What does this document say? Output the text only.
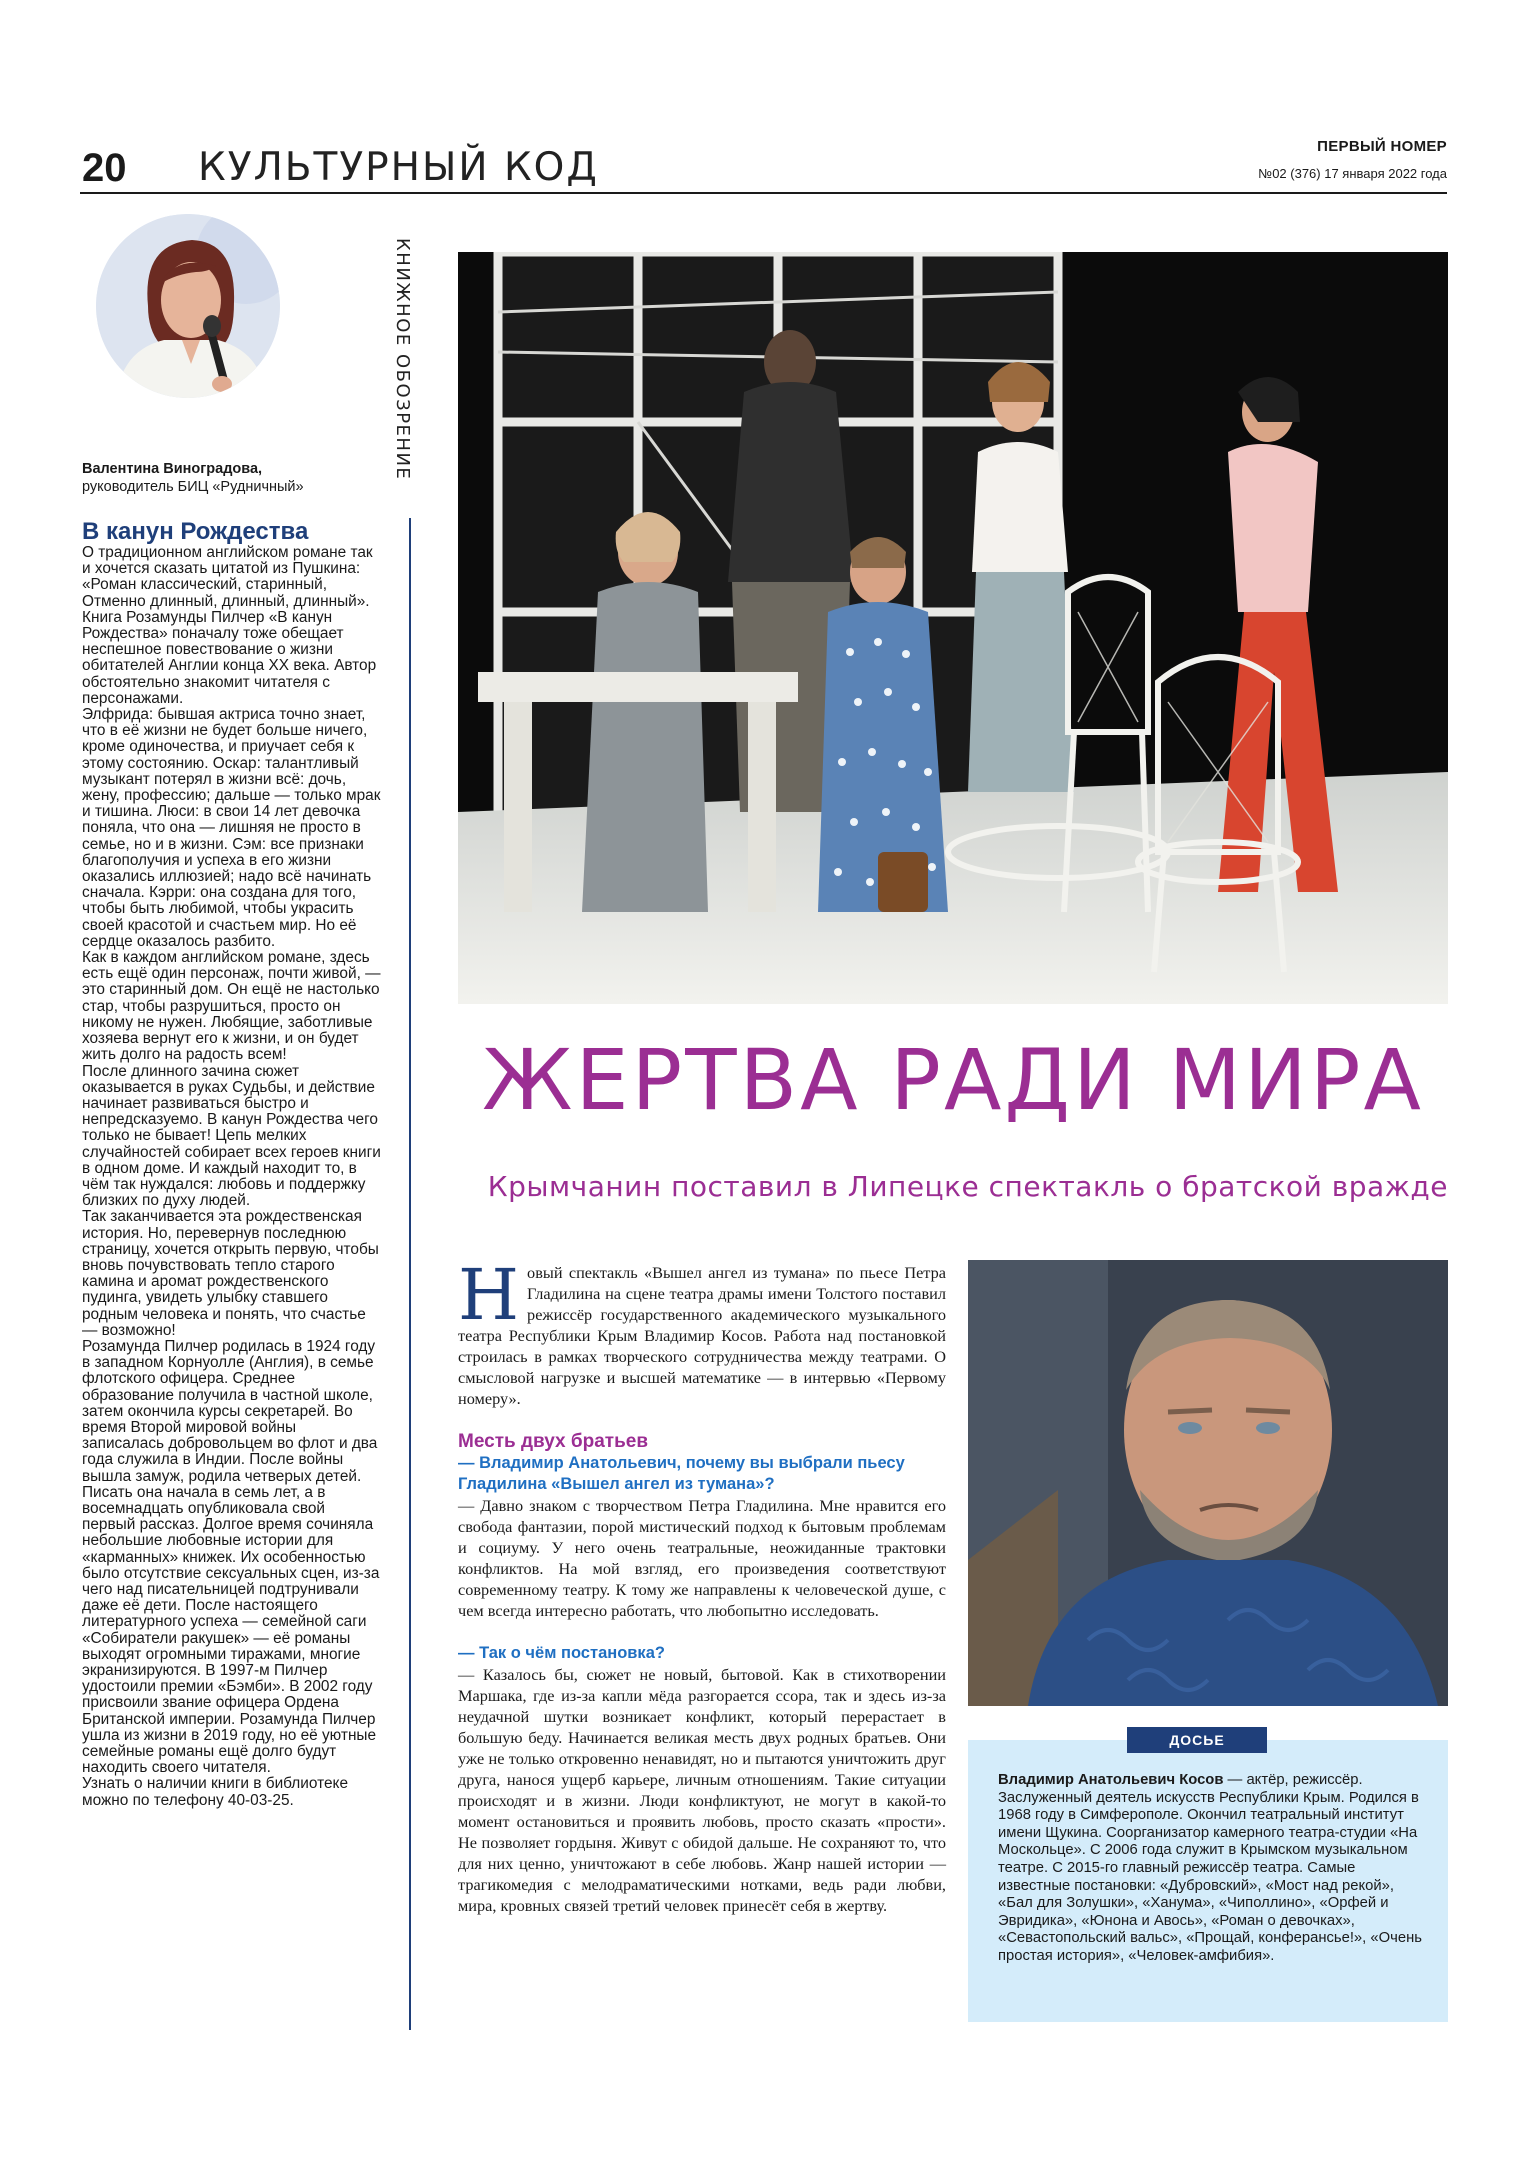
20 КУЛЬТУРНЫЙ КОД	ПЕРВЫЙ НОМЕР
№02 (376) 17 января 2022 года
Валентина Виноградова,
руководитель БИЦ «Рудничный»
КНИЖНОЕ ОБОЗРЕНИЕ
В канун Рождества

О традиционном английском романе так и хочется сказать цитатой из Пушкина: «Роман классический, старинный, Отменно длинный, длинный, длинный».

Книга Розамунды Пилчер «В канун Рождества» поначалу тоже обещает неспешное повествование о жизни обитателей Англии конца XX века. Автор обстоятельно знакомит читателя с персонажами.

Элфрида: бывшая актриса точно знает, что в её жизни не будет больше ничего, кроме одиночества, и приучает себя к этому состоянию. Оскар: талантливый музыкант потерял в жизни всё: дочь, жену, профессию; дальше — только мрак и тишина. Люси: в свои 14 лет девочка поняла, что она — лишняя не просто в семье, но и в жизни. Сэм: все признаки благополучия и успеха в его жизни оказались иллюзией; надо всё начинать сначала. Кэрри: она создана для того, чтобы быть любимой, чтобы украсить своей красотой и счастьем мир. Но её сердце оказалось разбито.

Как в каждом английском романе, здесь есть ещё один персонаж, почти живой, — это старинный дом. Он ещё не настолько стар, чтобы разрушиться, просто он никому не нужен. Любящие, заботливые хозяева вернут его к жизни, и он будет жить долго на радость всем!

После длинного зачина сюжет оказывается в руках Судьбы, и действие начинает развиваться быстро и непредсказуемо. В канун Рождества чего только не бывает! Цепь мелких случайностей собирает всех героев книги в одном доме. И каждый находит то, в чём так нуждался: любовь и поддержку близких по духу людей.

Так заканчивается эта рождественская история. Но, перевернув последнюю страницу, хочется открыть первую, чтобы вновь почувствовать тепло старого камина и аромат рождественского пудинга, увидеть улыбку ставшего родным человека и понять, что счастье — возможно!

Розамунда Пилчер родилась в 1924 году в западном Корнуолле (Англия), в семье флотского офицера. Среднее образование получила в частной школе, затем окончила курсы секретарей. Во время Второй мировой войны записалась добровольцем во флот и два года служила в Индии. После войны вышла замуж, родила четверых детей. Писать она начала в семь лет, а в восемнадцать опубликовала свой первый рассказ. Долгое время сочиняла небольшие любовные истории для «карманных» книжек. Их особенностью было отсутствие сексуальных сцен, из-за чего над писательницей подтрунивали даже её дети. После настоящего литературного успеха — семейной саги «Собиратели ракушек» — её романы выходят огромными тиражами, многие экранизируются. В 1997-м Пилчер удостоили премии «Бэмби». В 2002 году присвоили звание офицера Ордена Британской империи. Розамунда Пилчер ушла из жизни в 2019 году, но её уютные семейные романы ещё долго будут находить своего читателя.

Узнать о наличии книги в библиотеке можно по телефону 40-03-25.

ЖЕРТВА РАДИ МИРА
Крымчанин поставил в Липецке спектакль о братской вражде

Новый спектакль «Вышел ангел из тумана» по пьесе Петра Гладилина на сцене театра драмы имени Толстого поставил режиссёр государственного академического музыкального театра Республики Крым Владимир Косов. Работа над постановкой строилась в рамках творческого сотрудничества между театрами. О смысловой нагрузке и высшей математике — в интервью «Первому номеру».

Месть двух братьев
— Владимир Анатольевич, почему вы выбрали пьесу Гладилина «Вышел ангел из тумана»?

— Давно знаком с творчеством Петра Гладилина. Мне нравится его свобода фантазии, порой мистический подход к бытовым проблемам и социуму. У него очень театральные, неожиданные трактовки конфликтов. На мой взгляд, его произведения соответствуют современному театру. К тому же направлены к человеческой душе, с чем всегда интересно работать, что любопытно исследовать.

— Так о чём постановка?

— Казалось бы, сюжет не новый, бытовой. Как в стихотворении Маршака, где из-за капли мёда разгорается ссора, так и здесь из-за неудачной шутки возникает конфликт, который перерастает в большую беду. Начинается великая месть двух родных братьев. Они уже не только откровенно ненавидят, но и пытаются уничтожить друг друга, нанося ущерб карьере, личным отношениям. Такие ситуации происходят и в жизни. Люди конфликтуют, не могут в какой-то момент остановиться и проявить любовь, просто сказать «прости». Не позволяет гордыня. Живут с обидой дальше. Не сохраняют то, что для них ценно, уничтожают в себе любовь. Жанр нашей истории — трагикомедия с мелодраматическими нотками, ведь ради любви, мира, кровных связей третий человек принесёт себя в жертву.

ДОСЬЕ
Владимир Анатольевич Косов — актёр, режиссёр. Заслуженный деятель искусств Республики Крым. Родился в 1968 году в Симферополе. Окончил театральный институт имени Щукина. Соорганизатор камерного театра-студии «На Москольце». С 2006 года служит в Крымском музыкальном театре. С 2015-го главный режиссёр театра. Самые известные постановки: «Дубровский», «Мост над рекой», «Бал для Золушки», «Ханума», «Чиполлино», «Орфей и Эвридика», «Юнона и Авось», «Роман о девочках», «Севастопольский вальс», «Прощай, конферансье!», «Очень простая история», «Человек-амфибия».
